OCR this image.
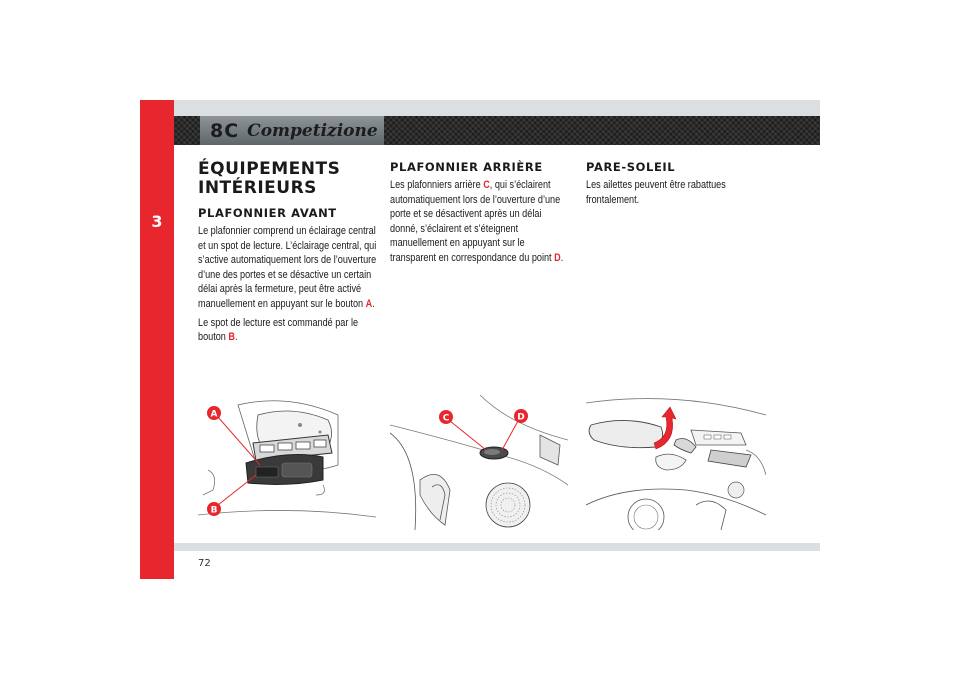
3
8C Competizione
ÉQUIPEMENTS INTÉRIEURS
PLAFONNIER AVANT

Le plafonnier comprend un éclairage central et un spot de lecture. L’éclairage central, qui s’active automatiquement lors de l’ouverture d’une des portes et se désactive un certain délai après la fermeture, peut être activé manuellement en appuyant sur le bouton A.

Le spot de lecture est commandé par le bouton B.

PLAFONNIER ARRIÈRE

Les plafonniers arrière C, qui s’éclairent automatiquement lors de l’ouverture d’une porte et se désactivent après un délai donné, s’éclairent et s’éteignent manuellement en appuyant sur le transparent en correspondance du point D.

PARE-SOLEIL

Les ailettes peuvent être rabattues frontalement.

A
B
C	D
72
